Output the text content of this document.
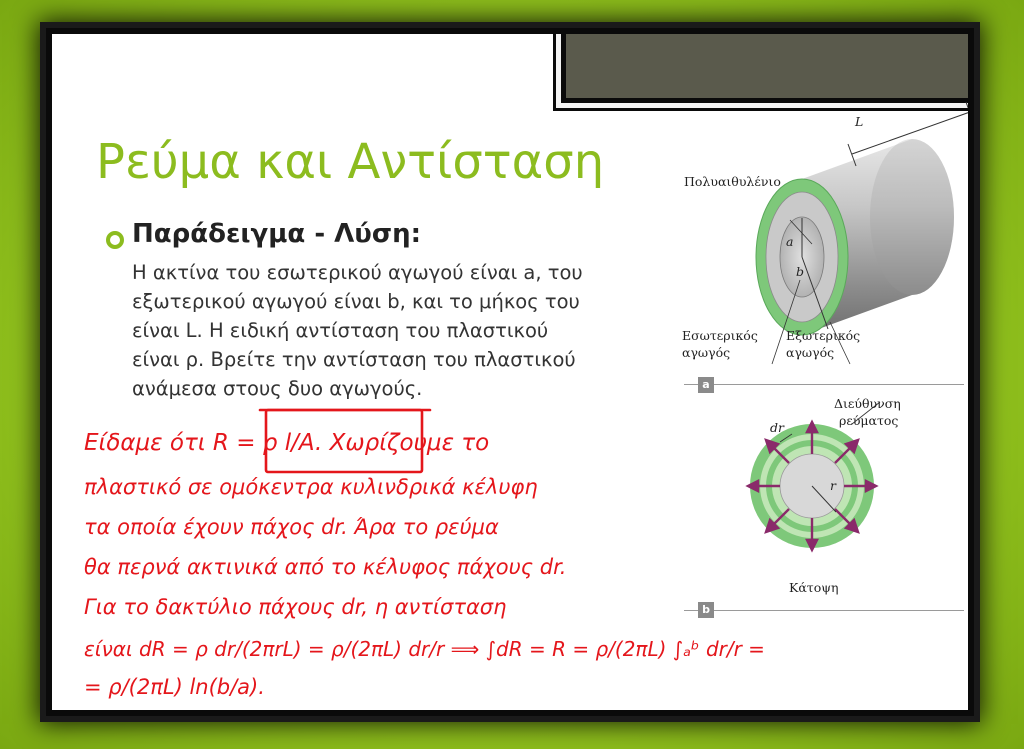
Ρεύμα και Αντίσταση
Παράδειγμα - Λύση:
Η ακτίνα του εσωτερικού αγωγού είναι a, του
εξωτερικού αγωγού είναι b, και το μήκος του
είναι L. Η ειδική αντίσταση του πλαστικού
είναι ρ. Βρείτε την αντίσταση του πλαστικού
ανάμεσα στους δυο αγωγούς.
L
Πολυαιθυλένιο
a
b
Εσωτερικός
αγωγός
Εξωτερικός
αγωγός
a
Διεύθυνση
ρεύματος
dr
r
Κάτοψη
b
Είδαμε ότι R = ρ l/A. Χωρίζουμε το
πλαστικό σε ομόκεντρα κυλινδρικά κέλυφη
τα οποία έχουν πάχος dr. Άρα το ρεύμα
θα περνά ακτινικά από το κέλυφος πάχους dr.
Για το δακτύλιο πάχους dr, η αντίσταση
είναι dR = ρ dr/(2πrL) = ρ/(2πL) dr/r ⟹ ∫dR = R = ρ/(2πL) ∫ₐᵇ dr/r =
= ρ/(2πL) ln(b/a).
